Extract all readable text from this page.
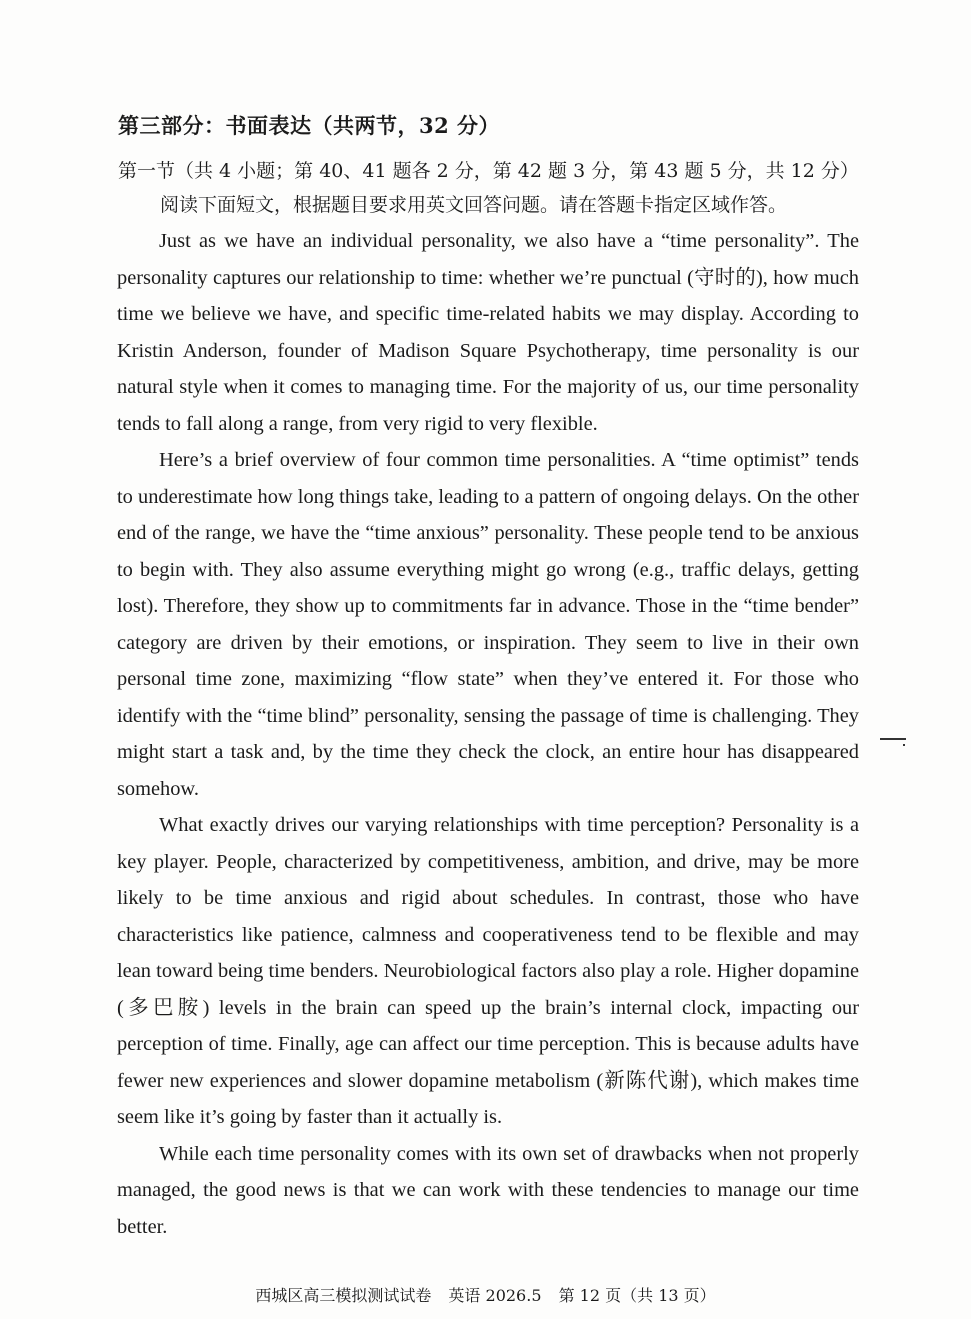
第三部分：书面表达（共两节，32 分）
第一节（共 4 小题；第 40、41 题各 2 分，第 42 题 3 分，第 43 题 5 分，共 12 分）
阅读下面短文，根据题目要求用英文回答问题。请在答题卡指定区域作答。

Just as we have an individual personality, we also have a “time personality”. The personality captures our relationship to time: whether we’re punctual (守时的), how much time we believe we have, and specific time-related habits we may display. According to Kristin Anderson, founder of Madison Square Psychotherapy, time personality is our natural style when it comes to managing time. For the majority of us, our time personality tends to fall along a range, from very rigid to very flexible.

Here’s a brief overview of four common time personalities. A “time optimist” tends to underestimate how long things take, leading to a pattern of ongoing delays. On the other end of the range, we have the “time anxious” personality. These people tend to be anxious to begin with. They also assume everything might go wrong (e.g., traffic delays, getting lost). Therefore, they show up to commitments far in advance. Those in the “time bender” category are driven by their emotions, or inspiration. They seem to live in their own personal time zone, maximizing “flow state” when they’ve entered it. For those who identify with the “time blind” personality, sensing the passage of time is challenging. They might start a task and, by the time they check the clock, an entire hour has disappeared somehow.

What exactly drives our varying relationships with time perception? Personality is a key player. People, characterized by competitiveness, ambition, and drive, may be more likely to be time anxious and rigid about schedules. In contrast, those who have characteristics like patience, calmness and cooperativeness tend to be flexible and may lean toward being time benders. Neurobiological factors also play a role. Higher dopamine (多巴胺) levels in the brain can speed up the brain’s internal clock, impacting our perception of time. Finally, age can affect our time perception. This is because adults have fewer new experiences and slower dopamine metabolism (新陈代谢), which makes time seem like it’s going by faster than it actually is.

While each time personality comes with its own set of drawbacks when not properly managed, the good news is that we can work with these tendencies to manage our time better.

西城区高三模拟测试试卷 英语 2026.5 第 12 页（共 13 页）
